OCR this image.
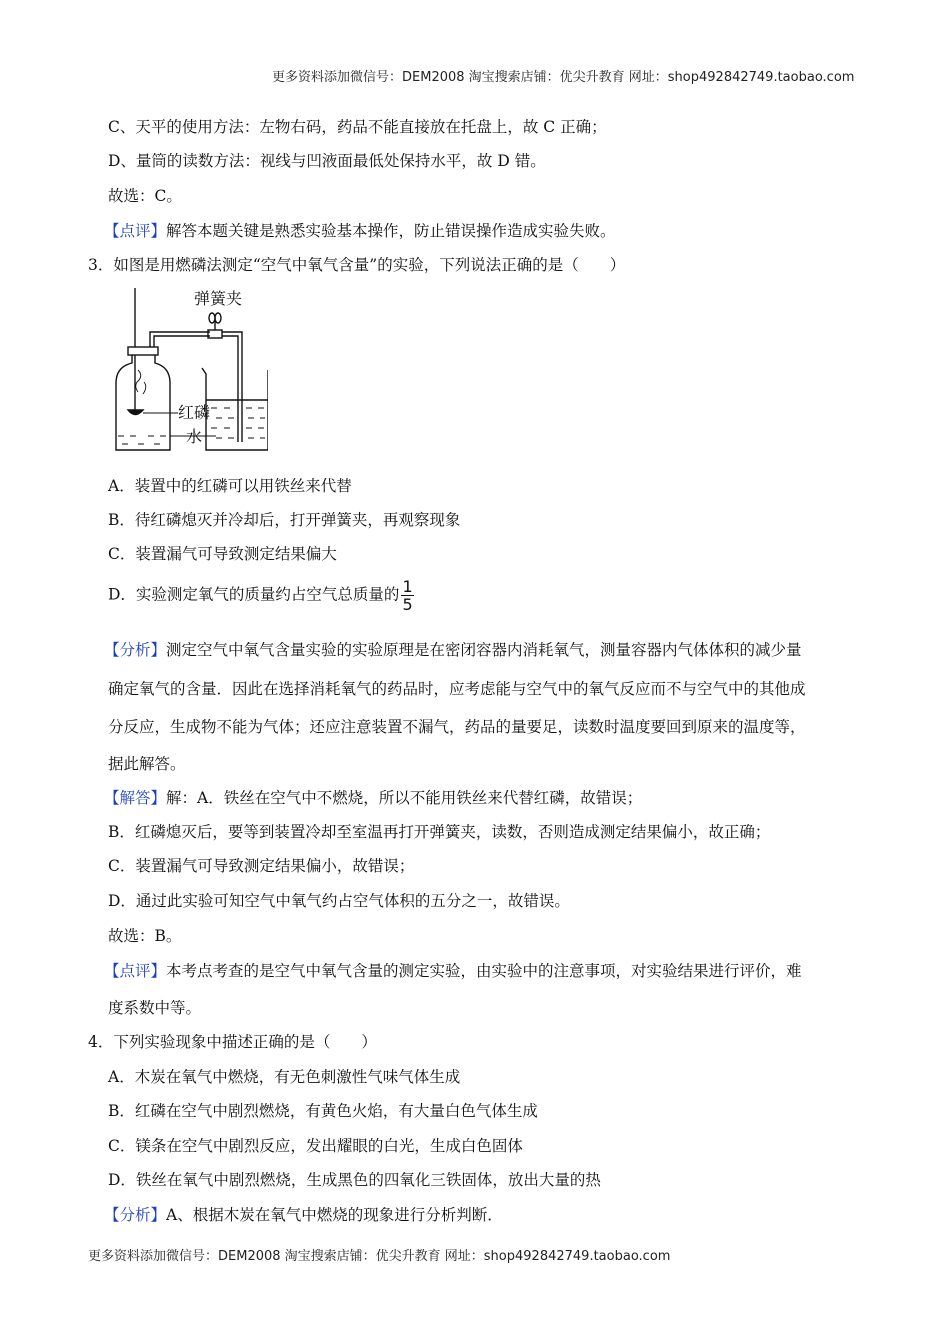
更多资料添加微信号：DEM2008 淘宝搜索店铺：优尖升教育 网址：shop492842749.taobao.com
C、天平的使用方法：左物右码，药品不能直接放在托盘上，故 C 正确；
D、量筒的读数方法：视线与凹液面最低处保持水平，故 D 错。
故选：C。
【点评】解答本题关键是熟悉实验基本操作，防止错误操作造成实验失败。
3．如图是用燃磷法测定“空气中氧气含量”的实验，下列说法正确的是（　　）
弹簧夹
红磷
水
A．装置中的红磷可以用铁丝来代替
B．待红磷熄灭并冷却后，打开弹簧夹，再观察现象
C．装置漏气可导致测定结果偏大
D．实验测定氧气的质量约占空气总质量的 $\frac{1}{5}$
【分析】测定空气中氧气含量实验的实验原理是在密闭容器内消耗氧气，测量容器内气体体积的减少量
确定氧气的含量．因此在选择消耗氧气的药品时，应考虑能与空气中的氧气反应而不与空气中的其他成
分反应，生成物不能为气体；还应注意装置不漏气，药品的量要足，读数时温度要回到原来的温度等，
据此解答。
【解答】解：A．铁丝在空气中不燃烧，所以不能用铁丝来代替红磷，故错误；
B．红磷熄灭后，要等到装置冷却至室温再打开弹簧夹，读数，否则造成测定结果偏小，故正确；
C．装置漏气可导致测定结果偏小，故错误；
D．通过此实验可知空气中氧气约占空气体积的五分之一，故错误。
故选：B。
【点评】本考点考查的是空气中氧气含量的测定实验，由实验中的注意事项，对实验结果进行评价，难
度系数中等。
4．下列实验现象中描述正确的是（　　）
A．木炭在氧气中燃烧，有无色刺激性气味气体生成
B．红磷在空气中剧烈燃烧，有黄色火焰，有大量白色气体生成
C．镁条在空气中剧烈反应，发出耀眼的白光，生成白色固体
D．铁丝在氧气中剧烈燃烧，生成黑色的四氧化三铁固体，放出大量的热
【分析】A、根据木炭在氧气中燃烧的现象进行分析判断．
更多资料添加微信号：DEM2008 淘宝搜索店铺：优尖升教育 网址：shop492842749.taobao.com
